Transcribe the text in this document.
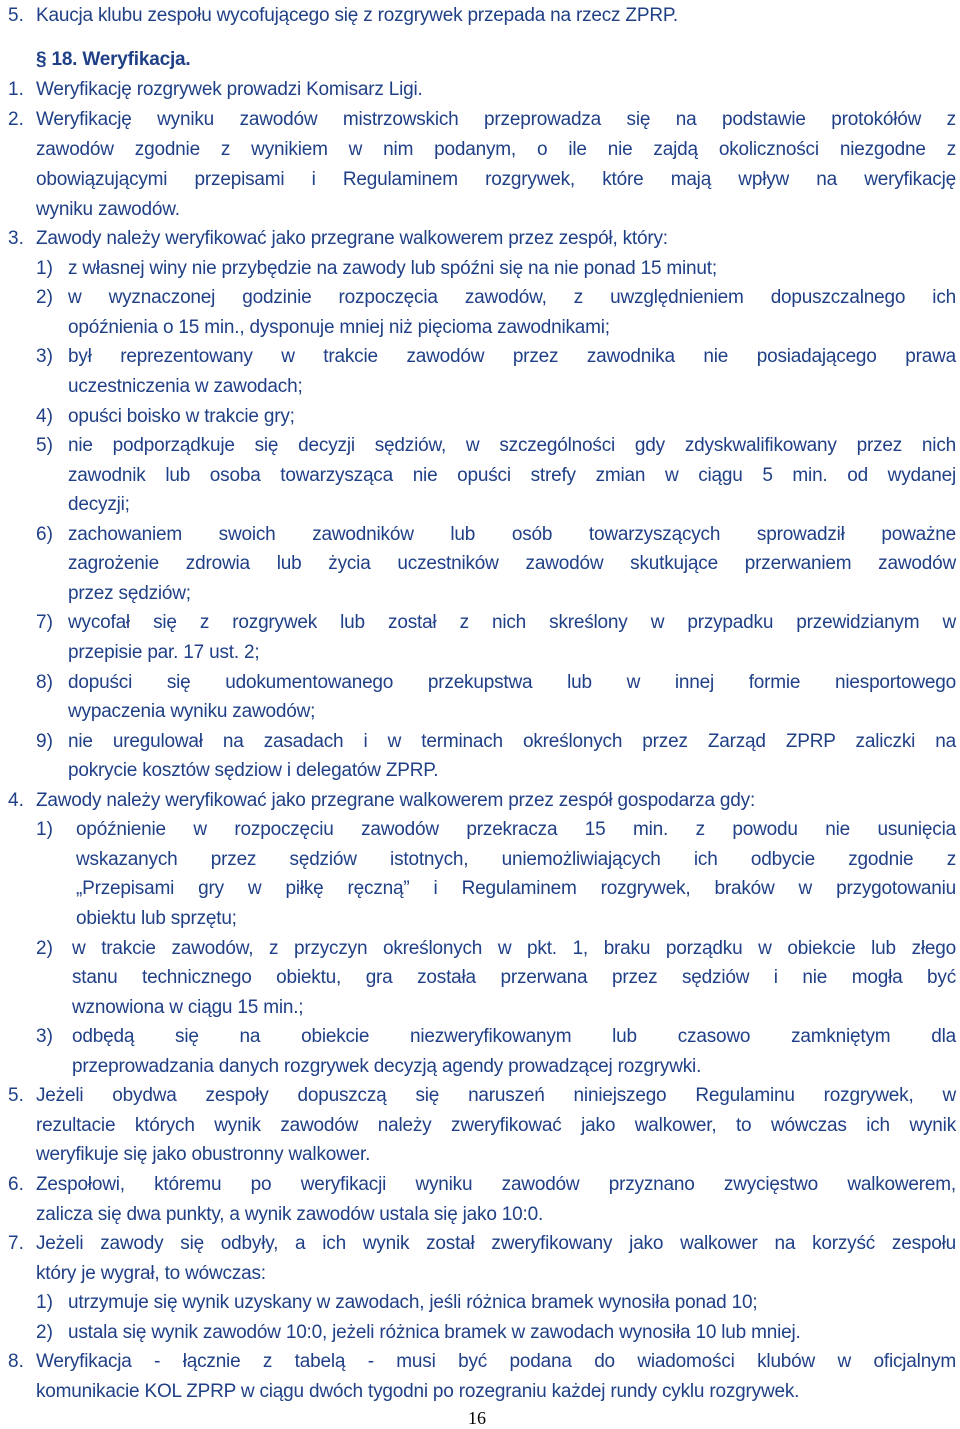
5. Kaucja klubu zespołu wycofującego się z rozgrywek przepada na rzecz ZPRP.
§ 18. Weryfikacja.
1. Weryfikację rozgrywek prowadzi Komisarz Ligi.
2. Weryfikację wyniku zawodów mistrzowskich przeprowadza się na podstawie protokółów z
zawodów zgodnie z wynikiem w nim podanym, o ile nie zajdą okoliczności niezgodne z
obowiązującymi przepisami i Regulaminem rozgrywek, które mają wpływ na weryfikację
wyniku zawodów.
3. Zawody należy weryfikować jako przegrane walkowerem przez zespół, który:
1) z własnej winy nie przybędzie na zawody lub spóźni się na nie ponad 15 minut;
2) w wyznaczonej godzinie rozpoczęcia zawodów, z uwzględnieniem dopuszczalnego ich
opóźnienia o 15 min., dysponuje mniej niż pięcioma zawodnikami;
3) był reprezentowany w trakcie zawodów przez zawodnika nie posiadającego prawa
uczestniczenia w zawodach;
4) opuści boisko w trakcie gry;
5) nie podporządkuje się decyzji sędziów, w szczególności gdy zdyskwalifikowany przez nich
zawodnik lub osoba towarzysząca nie opuści strefy zmian w ciągu 5 min. od wydanej
decyzji;
6) zachowaniem swoich zawodników lub osób towarzyszących sprowadził poważne
zagrożenie zdrowia lub życia uczestników zawodów skutkujące przerwaniem zawodów
przez sędziów;
7) wycofał się z rozgrywek lub został z nich skreślony w przypadku przewidzianym w
przepisie par. 17 ust. 2;
8) dopuści się udokumentowanego przekupstwa lub w innej formie niesportowego
wypaczenia wyniku zawodów;
9) nie uregulował na zasadach i w terminach określonych przez Zarząd ZPRP zaliczki na
pokrycie kosztów sędziow i delegatów ZPRP.
4. Zawody należy weryfikować jako przegrane walkowerem przez zespół gospodarza gdy:
1) opóźnienie w rozpoczęciu zawodów przekracza 15 min. z powodu nie usunięcia
wskazanych przez sędziów istotnych, uniemożliwiających ich odbycie zgodnie z
„Przepisami gry w piłkę ręczną” i Regulaminem rozgrywek, braków w przygotowaniu
obiektu lub sprzętu;
2) w trakcie zawodów, z przyczyn określonych w pkt. 1, braku porządku w obiekcie lub złego
stanu technicznego obiektu, gra została przerwana przez sędziów i nie mogła być
wznowiona w ciągu 15 min.;
3) odbędą się na obiekcie niezweryfikowanym lub czasowo zamkniętym dla
przeprowadzania danych rozgrywek decyzją agendy prowadzącej rozgrywki.
5. Jeżeli obydwa zespoły dopuszczą się naruszeń niniejszego Regulaminu rozgrywek, w
rezultacie których wynik zawodów należy zweryfikować jako walkower, to wówczas ich wynik
weryfikuje się jako obustronny walkower.
6. Zespołowi, któremu po weryfikacji wyniku zawodów przyznano zwycięstwo walkowerem,
zalicza się dwa punkty, a wynik zawodów ustala się jako 10:0.
7. Jeżeli zawody się odbyły, a ich wynik został zweryfikowany jako walkower na korzyść zespołu
który je wygrał, to wówczas:
1) utrzymuje się wynik uzyskany w zawodach, jeśli różnica bramek wynosiła ponad 10;
2) ustala się wynik zawodów 10:0, jeżeli różnica bramek w zawodach wynosiła 10 lub mniej.
8. Weryfikacja - łącznie z tabelą - musi być podana do wiadomości klubów w oficjalnym
komunikacie KOL ZPRP w ciągu dwóch tygodni po rozegraniu każdej rundy cyklu rozgrywek.
16
